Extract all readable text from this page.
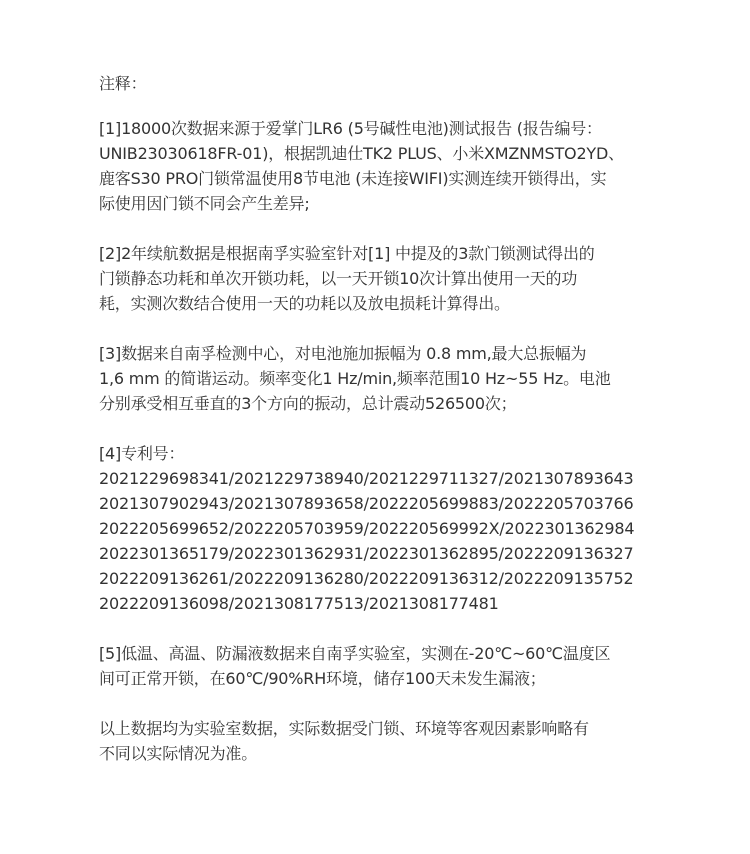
注释：
[1]18000次数据来源于爱掌门LR6 (5号碱性电池)测试报告 (报告编号：
UNIB23030618FR-01)，根据凯迪仕TK2 PLUS、小米XMZNMSTO2YD、
鹿客S30 PRO门锁常温使用8节电池 (未连接WIFI)实测连续开锁得出，实
际使用因门锁不同会产生差异;
[2]2年续航数据是根据南孚实验室针对[1] 中提及的3款门锁测试得出的
门锁静态功耗和单次开锁功耗，以一天开锁10次计算出使用一天的功
耗，实测次数结合使用一天的功耗以及放电损耗计算得出。
[3]数据来自南孚检测中心，对电池施加振幅为 0.8 mm,最大总振幅为
1,6 mm 的简谐运动。频率变化1 Hz/min,频率范围10 Hz~55 Hz。电池
分别承受相互垂直的3个方向的振动，总计震动526500次；
[4]专利号：
2021229698341/2021229738940/2021229711327/2021307893643
2021307902943/2021307893658/2022205699883/2022205703766
2022205699652/2022205703959/202220569992X/2022301362984
2022301365179/2022301362931/2022301362895/2022209136327
2022209136261/2022209136280/2022209136312/2022209135752
2022209136098/2021308177513/2021308177481
[5]低温、高温、防漏液数据来自南孚实验室，实测在-20℃~60℃温度区
间可正常开锁，在60℃/90%RH环境，储存100天未发生漏液；
以上数据均为实验室数据，实际数据受门锁、环境等客观因素影响略有
不同以实际情况为准。
